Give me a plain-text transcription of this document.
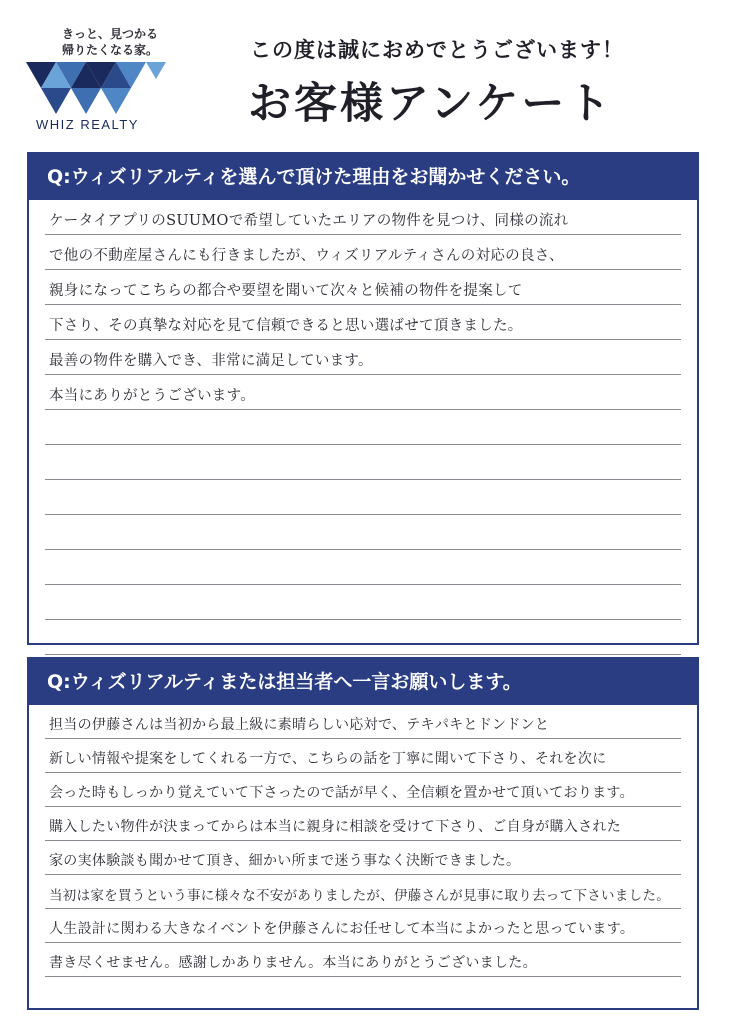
きっと、見つかる
帰りたくなる家。
WHIZ REALTY
この度は誠におめでとうございます！
お客様アンケート
Q:ウィズリアルティを選んで頂けた理由をお聞かせください。
ケータイアプリのSUUMOで希望していたエリアの物件を見つけ、同様の流れ
で他の不動産屋さんにも行きましたが、ウィズリアルティさんの対応の良さ、
親身になってこちらの都合や要望を聞いて次々と候補の物件を提案して
下さり、その真摯な対応を見て信頼できると思い選ばせて頂きました。
最善の物件を購入でき、非常に満足しています。
本当にありがとうございます。
Q:ウィズリアルティまたは担当者へ一言お願いします。
担当の伊藤さんは当初から最上級に素晴らしい応対で、テキパキとドンドンと
新しい情報や提案をしてくれる一方で、こちらの話を丁寧に聞いて下さり、それを次に
会った時もしっかり覚えていて下さったので話が早く、全信頼を置かせて頂いております。
購入したい物件が決まってからは本当に親身に相談を受けて下さり、ご自身が購入された
家の実体験談も聞かせて頂き、細かい所まで迷う事なく決断できました。
当初は家を買うという事に様々な不安がありましたが、伊藤さんが見事に取り去って下さいました。
人生設計に関わる大きなイベントを伊藤さんにお任せして本当によかったと思っています。
書き尽くせません。感謝しかありません。本当にありがとうございました。
